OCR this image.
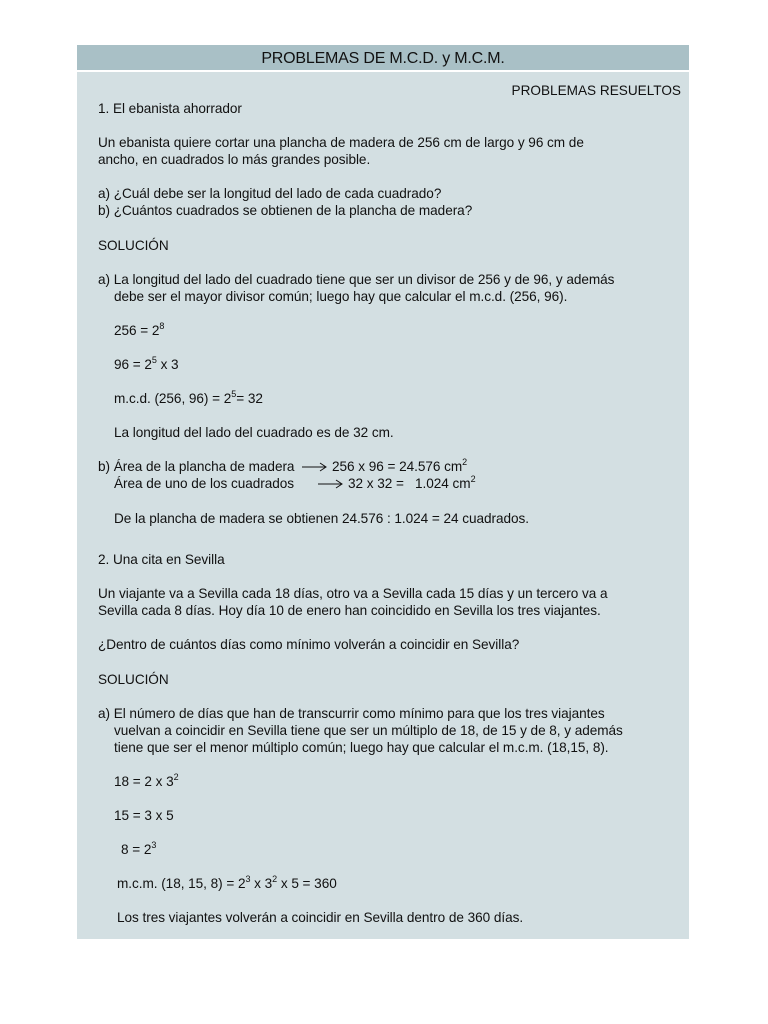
PROBLEMAS DE M.C.D. y M.C.M.
PROBLEMAS RESUELTOS
1. El ebanista ahorrador
Un ebanista quiere cortar una plancha de madera de 256 cm de largo y 96 cm de
ancho, en cuadrados lo más grandes posible.
a) ¿Cuál debe ser la longitud del lado de cada cuadrado?
b) ¿Cuántos cuadrados se obtienen de la plancha de madera?
SOLUCIÓN
a) La longitud del lado del cuadrado tiene que ser un divisor de 256 y de 96, y además
debe ser el mayor divisor común; luego hay que calcular el m.c.d. (256, 96).
$256 = 2^8$
$96 = 2^5$ x 3
m.c.d. (256, $96) = 2^5= 32$
La longitud del lado del cuadrado es de 32 cm.
b) Área de la plancha de madera	256 x 96 = 24.576 $cm^2$
Área de uno de los cuadrados	32 x 32 =   1.024 $cm^2$
De la plancha de madera se obtienen 24.576 : 1.024 = 24 cuadrados.
2. Una cita en Sevilla
Un viajante va a Sevilla cada 18 días, otro va a Sevilla cada 15 días y un tercero va a
Sevilla cada 8 días. Hoy día 10 de enero han coincidido en Sevilla los tres viajantes.
¿Dentro de cuántos días como mínimo volverán a coincidir en Sevilla?
SOLUCIÓN
a) El número de días que han de transcurrir como mínimo para que los tres viajantes
vuelvan a coincidir en Sevilla tiene que ser un múltiplo de 18, de 15 y de 8, y además
tiene que ser el menor múltiplo común; luego hay que calcular el m.c.m. (18,15, 8).
18 = 2 x $3^2$
15 = 3 x 5
$8 = 2^3$
m.c.m. (18, 15, $8) = 2^3$ x $3^2$ x 5 = 360
Los tres viajantes volverán a coincidir en Sevilla dentro de 360 días.
